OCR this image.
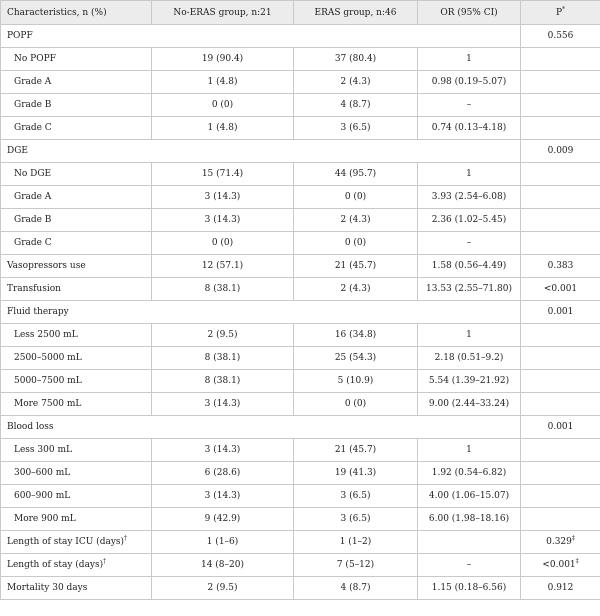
Characteristics, n (%)	No-ERAS group, n:21	ERAS group, n:46	OR (95% CI)	P*
POPF				0.556
No POPF	19 (90.4)	37 (80.4)	1	
Grade A	1 (4.8)	2 (4.3)	0.98 (0.19–5.07)	
Grade B	0 (0)	4 (8.7)	–	
Grade C	1 (4.8)	3 (6.5)	0.74 (0.13–4.18)	
DGE				0.009
No DGE	15 (71.4)	44 (95.7)	1	
Grade A	3 (14.3)	0 (0)	3.93 (2.54–6.08)	
Grade B	3 (14.3)	2 (4.3)	2.36 (1.02–5.45)	
Grade C	0 (0)	0 (0)	–	
Vasopressors use	12 (57.1)	21 (45.7)	1.58 (0.56–4.49)	0.383
Transfusion	8 (38.1)	2 (4.3)	13.53 (2.55–71.80)	<0.001
Fluid therapy				0.001
Less 2500 mL	2 (9.5)	16 (34.8)	1	
2500–5000 mL	8 (38.1)	25 (54.3)	2.18 (0.51–9.2)	
5000–7500 mL	8 (38.1)	5 (10.9)	5.54 (1.39–21.92)	
More 7500 mL	3 (14.3)	0 (0)	9.00 (2.44–33.24)	
Blood loss				0.001
Less 300 mL	3 (14.3)	21 (45.7)	1	
300–600 mL	6 (28.6)	19 (41.3)	1.92 (0.54–6.82)	
600–900 mL	3 (14.3)	3 (6.5)	4.00 (1.06–15.07)	
More 900 mL	9 (42.9)	3 (6.5)	6.00 (1.98–18.16)	
Length of stay ICU (days)†	1 (1–6)	1 (1–2)		0.329‡
Length of stay (days)†	14 (8–20)	7 (5–12)	–	<0.001‡
Mortality 30 days	2 (9.5)	4 (8.7)	1.15 (0.18–6.56)	0.912
